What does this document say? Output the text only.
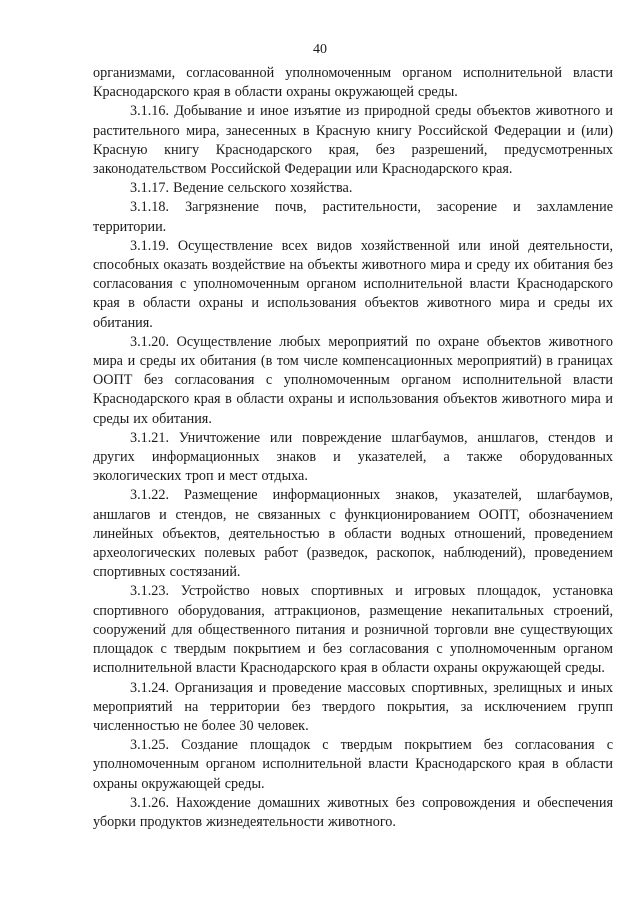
40

организмами, согласованной уполномоченным органом исполнительной власти Краснодарского края в области охраны окружающей среды.

3.1.16. Добывание и иное изъятие из природной среды объектов животного и растительного мира, занесенных в Красную книгу Российской Федерации и (или) Красную книгу Краснодарского края, без разрешений, предусмотренных законодательством Российской Федерации или Краснодарского края.

3.1.17. Ведение сельского хозяйства.

3.1.18. Загрязнение почв, растительности, засорение и захламление территории.

3.1.19. Осуществление всех видов хозяйственной или иной деятельности, способных оказать воздействие на объекты животного мира и среду их обитания без согласования с уполномоченным органом исполнительной власти Краснодарского края в области охраны и использования объектов животного мира и среды их обитания.

3.1.20. Осуществление любых мероприятий по охране объектов животного мира и среды их обитания (в том числе компенсационных мероприятий) в границах ООПТ без согласования с уполномоченным органом исполнительной власти Краснодарского края в области охраны и использования объектов животного мира и среды их обитания.

3.1.21. Уничтожение или повреждение шлагбаумов, аншлагов, стендов и других информационных знаков и указателей, а также оборудованных экологических троп и мест отдыха.

3.1.22. Размещение информационных знаков, указателей, шлагбаумов, аншлагов и стендов, не связанных с функционированием ООПТ, обозначением линейных объектов, деятельностью в области водных отношений, проведением археологических полевых работ (разведок, раскопок, наблюдений), проведением спортивных состязаний.

3.1.23. Устройство новых спортивных и игровых площадок, установка спортивного оборудования, аттракционов, размещение некапитальных строений, сооружений для общественного питания и розничной торговли вне существующих площадок с твердым покрытием и без согласования с уполномоченным органом исполнительной власти Краснодарского края в области охраны окружающей среды.

3.1.24. Организация и проведение массовых спортивных, зрелищных и иных мероприятий на территории без твердого покрытия, за исключением групп численностью не более 30 человек.

3.1.25. Создание площадок с твердым покрытием без согласования с уполномоченным органом исполнительной власти Краснодарского края в области охраны окружающей среды.

3.1.26. Нахождение домашних животных без сопровождения и обеспечения уборки продуктов жизнедеятельности животного.
